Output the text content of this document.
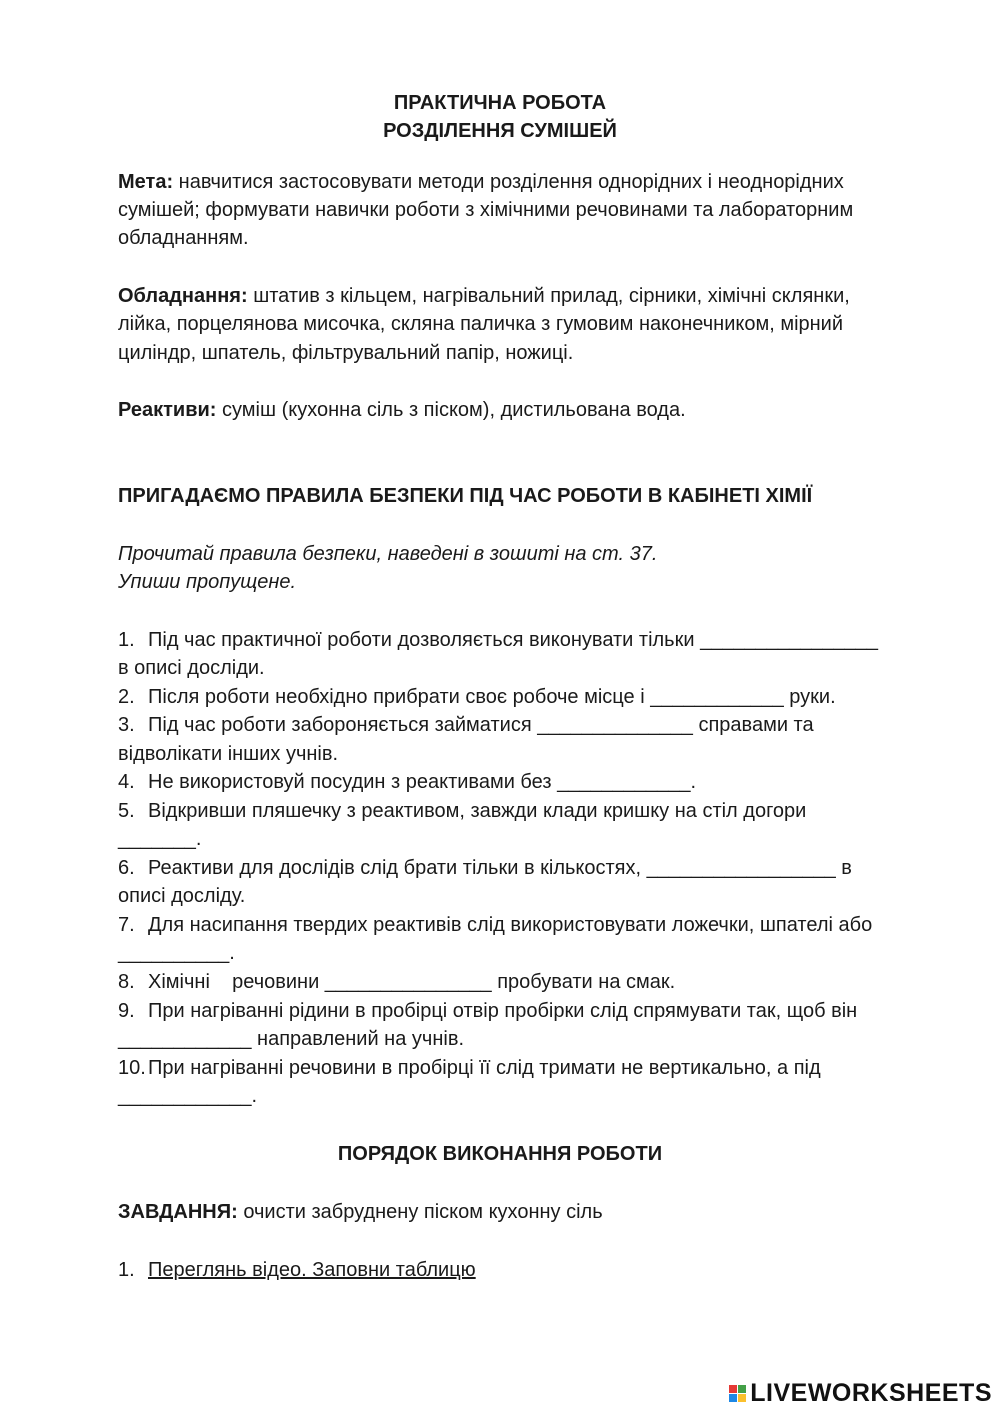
ПРАКТИЧНА РОБОТА
РОЗДІЛЕННЯ СУМІШЕЙ
Мета: навчитися застосовувати методи розділення однорідних і неоднорідних
сумішей; формувати навички роботи з хімічними речовинами та лабораторним
обладнанням.
Обладнання: штатив з кільцем, нагрівальний прилад, сірники, хімічні склянки,
лійка, порцелянова мисочка, скляна паличка з гумовим наконечником, мірний
циліндр, шпатель, фільтрувальний папір, ножиці.
Реактиви: суміш (кухонна сіль з піском), дистильована вода.
ПРИГАДАЄМО ПРАВИЛА БЕЗПЕКИ ПІД ЧАС РОБОТИ В КАБІНЕТІ ХІМІЇ
Прочитай правила безпеки, наведені в зошиті на ст. 37.
Упиши пропущене.
1. Під час практичної роботи дозволяється виконувати тільки ________________
в описі досліди.
2. Після роботи необхідно прибрати своє робоче місце і ____________ руки.
3. Під час роботи забороняється займатися ______________ справами та
відволікати інших учнів.
4. Не використовуй посудин з реактивами без ____________.
5. Відкривши пляшечку з реактивом, завжди клади кришку на стіл догори
_______.
6. Реактиви для дослідів слід брати тільки в кількостях, _________________ в
описі досліду.
7. Для насипання твердих реактивів слід використовувати ложечки, шпателі або
__________.
8. Хімічні    речовини _______________ пробувати на смак.
9. При нагріванні рідини в пробірці отвір пробірки слід спрямувати так, щоб він
____________ направлений на учнів.
10. При нагріванні речовини в пробірці її слід тримати не вертикально, а під
____________.
ПОРЯДОК ВИКОНАННЯ РОБОТИ
ЗАВДАННЯ: очисти забруднену піском кухонну сіль
1. Переглянь відео. Заповни таблицю
LIVEWORKSHEETS
